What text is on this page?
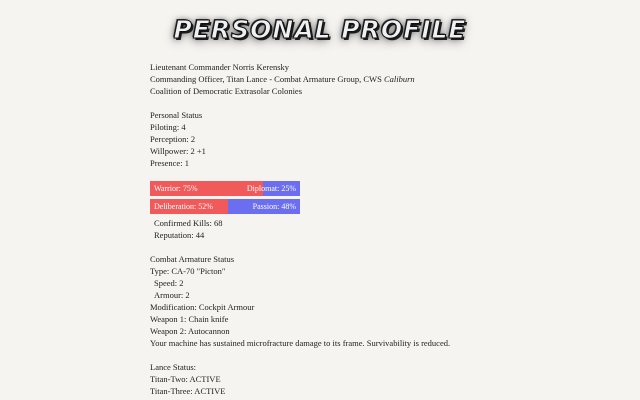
PERSONAL PROFILE
Lieutenant Commander Norris Kerensky
Commanding Officer, Titan Lance - Combat Armature Group, CWS Caliburn
Coalition of Democratic Extrasolar Colonies
Personal Status
Piloting: 4
Perception: 2
Willpower: 2 +1
Presence: 1
Warrior: 75%	Diplomat: 25%
Deliberation: 52%	Passion: 48%
Confirmed Kills: 68
Reputation: 44
Combat Armature Status
Type: CA-70 "Picton"
Speed: 2
Armour: 2
Modification: Cockpit Armour
Weapon 1: Chain knife
Weapon 2: Autocannon
Your machine has sustained microfracture damage to its frame. Survivability is reduced.
Lance Status:
Titan-Two: ACTIVE
Titan-Three: ACTIVE
